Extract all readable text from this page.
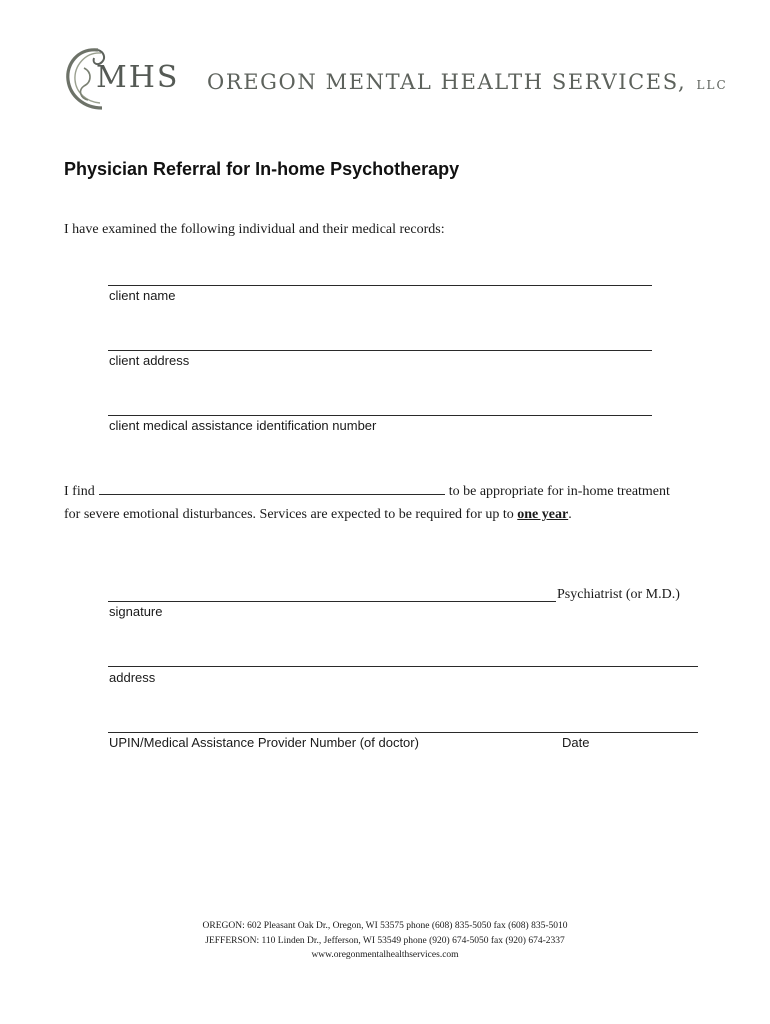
MHS OREGON MENTAL HEALTH SERVICES, LLC
Physician Referral for In-home Psychotherapy
I have examined the following individual and their medical records:
client name
client address
client medical assistance identification number
I find	to be appropriate for in-home treatment
for severe emotional disturbances. Services are expected to be required for up to one year.
Psychiatrist (or M.D.)
signature
address
UPIN/Medical Assistance Provider Number (of doctor)	Date
OREGON: 602 Pleasant Oak Dr., Oregon, WI 53575 phone (608) 835-5050 fax (608) 835-5010
JEFFERSON: 110 Linden Dr., Jefferson, WI 53549 phone (920) 674-5050 fax (920) 674-2337
www.oregonmentalhealthservices.com
